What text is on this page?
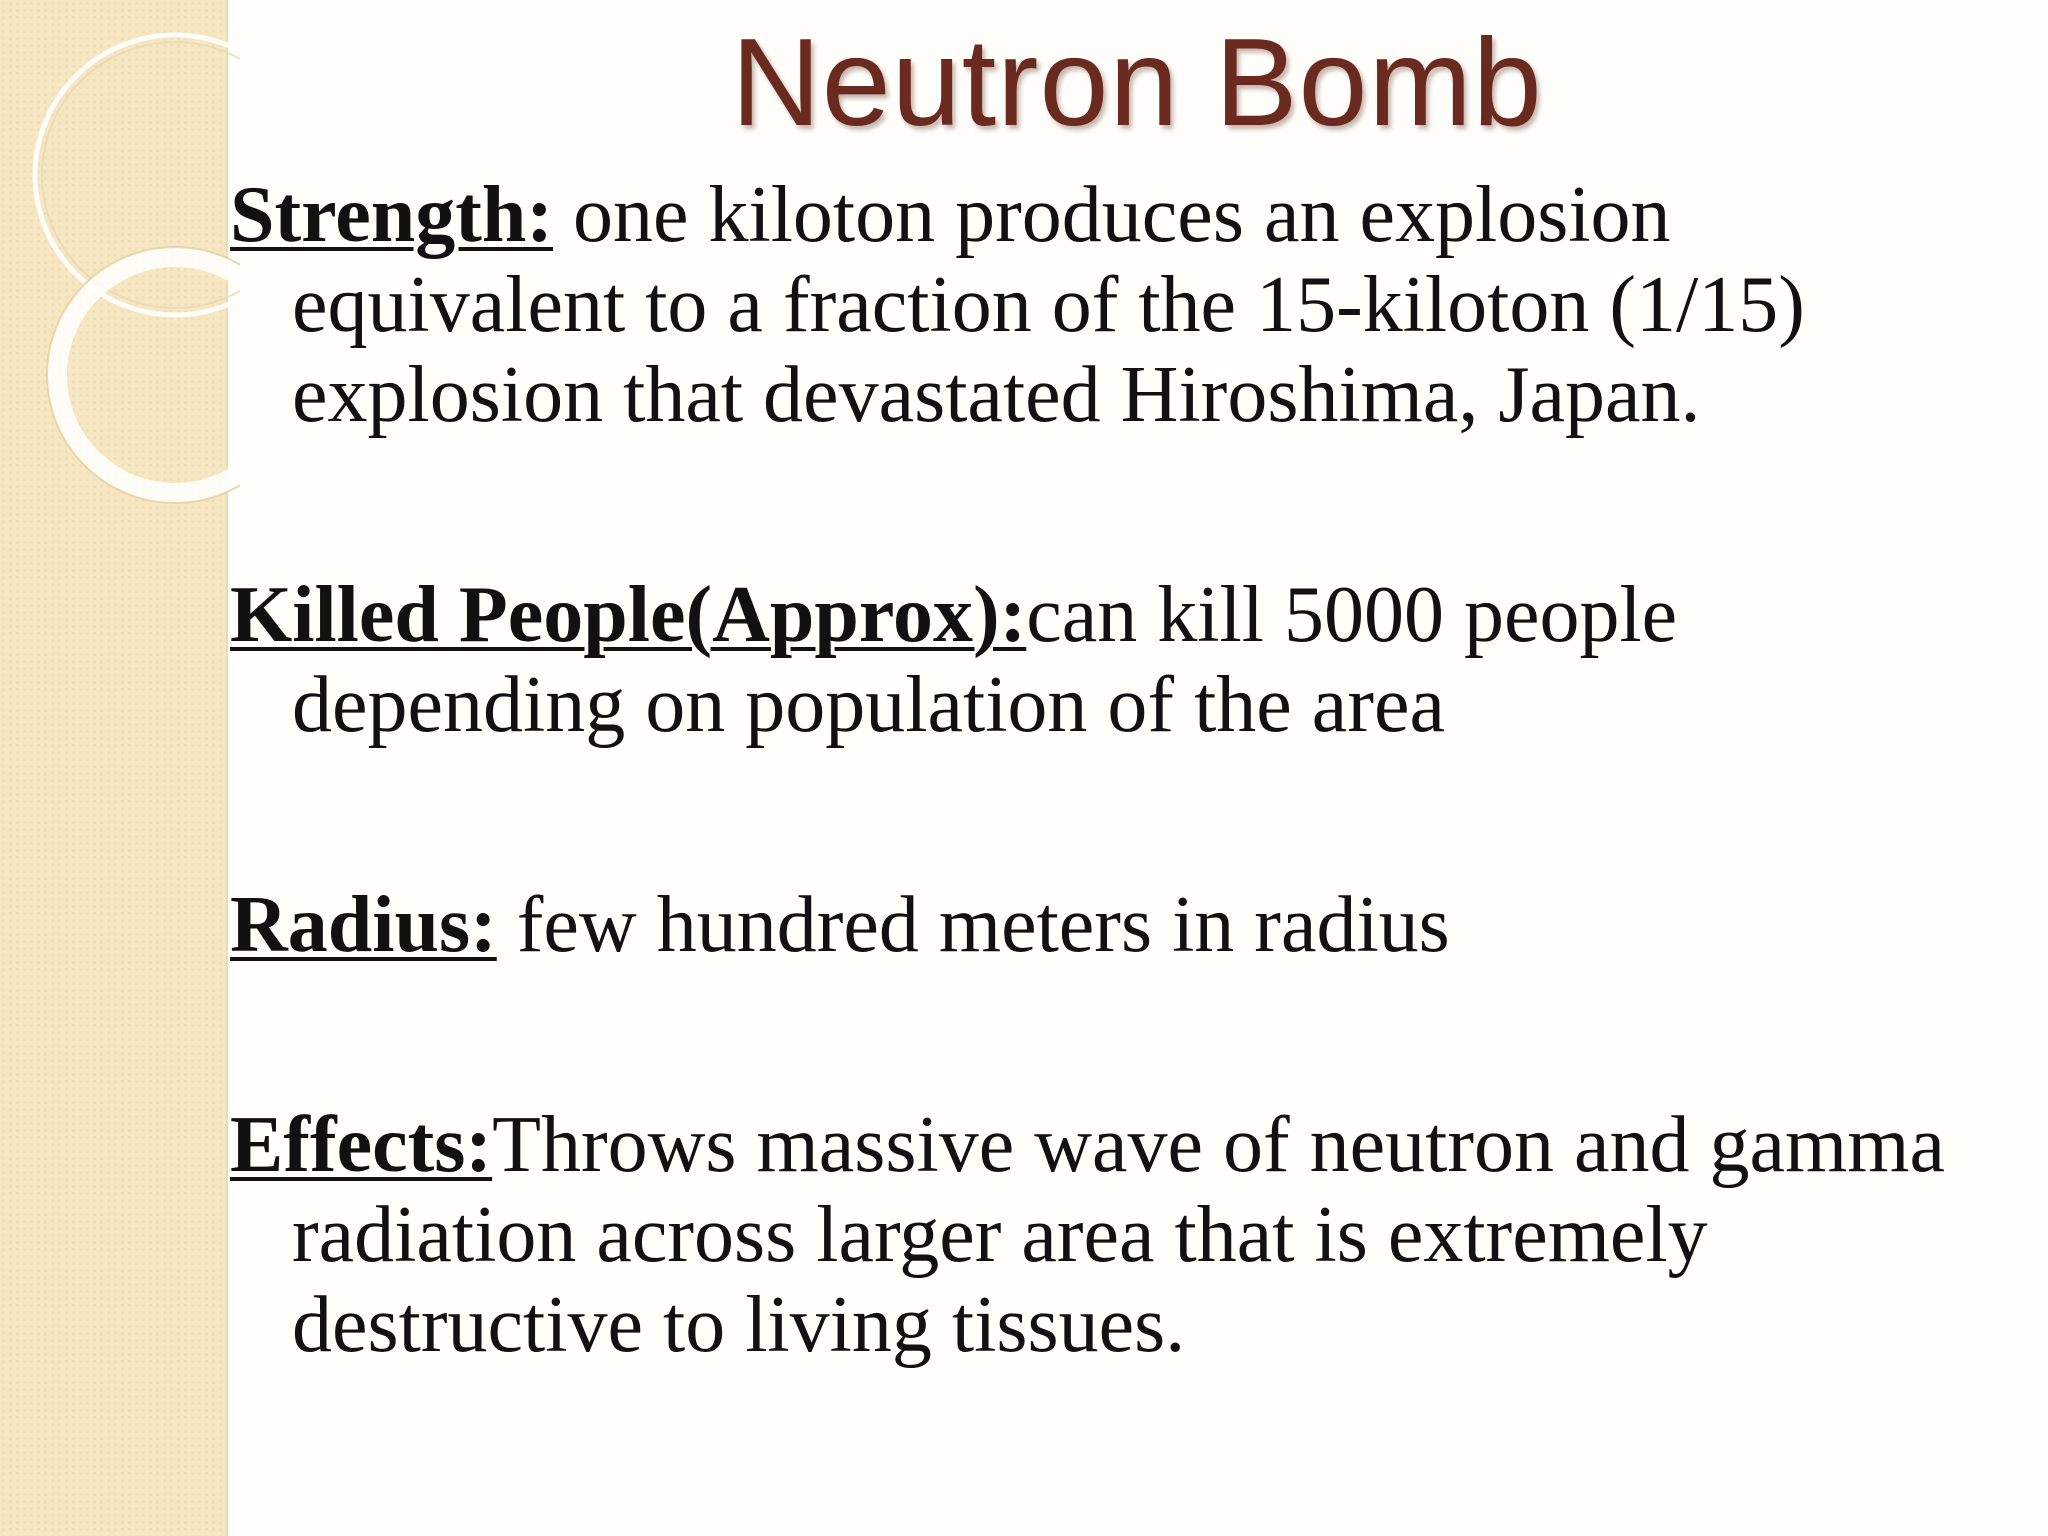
Neutron Bomb
Strength: one kiloton produces an explosion equivalent to a fraction of the 15-kiloton (1/15) explosion that devastated Hiroshima, Japan.
Killed People(Approx):can kill 5000 people depending on population of the area
Radius: few hundred meters in radius
Effects:Throws massive wave of neutron and gamma radiation across larger area that is extremely destructive to living tissues.
